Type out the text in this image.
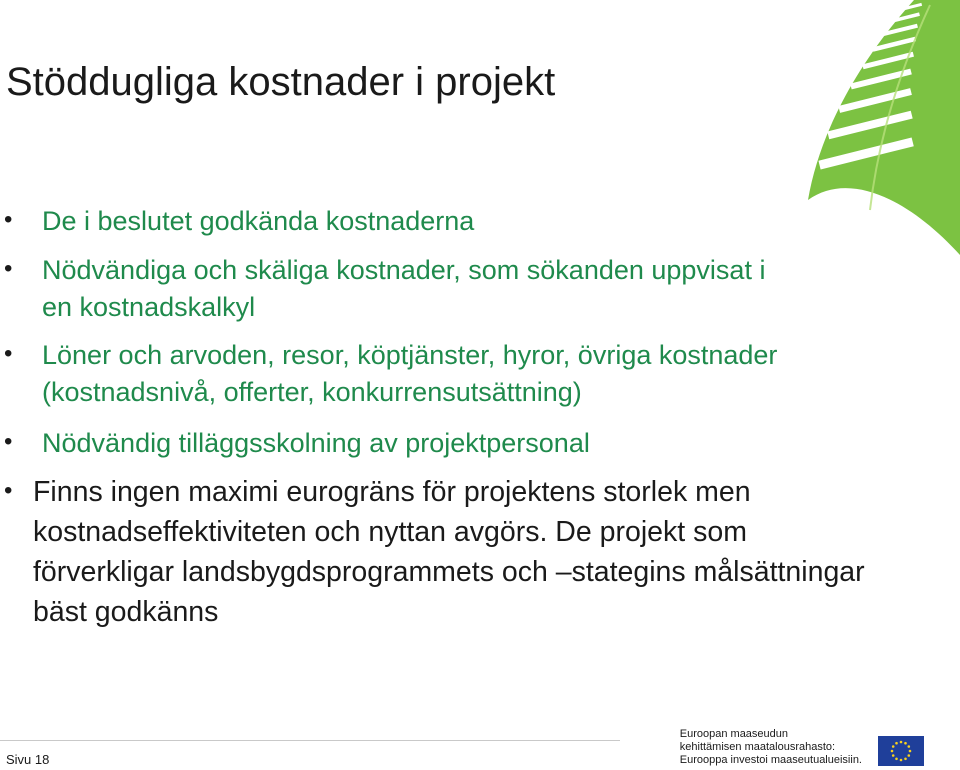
Stöddugliga kostnader i projekt
• De i beslutet godkända kostnaderna
• Nödvändiga och skäliga kostnader, som sökanden uppvisat i en kostnadskalkyl
• Löner och arvoden, resor, köptjänster, hyror, övriga kostnader (kostnadsnivå, offerter, konkurrensutsättning)
• Nödvändig tilläggsskolning av projektpersonal
• Finns ingen maximi eurogräns för projektens storlek men kostnadseffektiviteten och nyttan avgörs. De projekt som förverkligar landsbygdsprogrammets och –stategins målsättningar bäst godkänns
Sivu 18
Euroopan maaseudun
kehittämisen maatalousrahasto:
Eurooppa investoi maaseutualueisiin.
